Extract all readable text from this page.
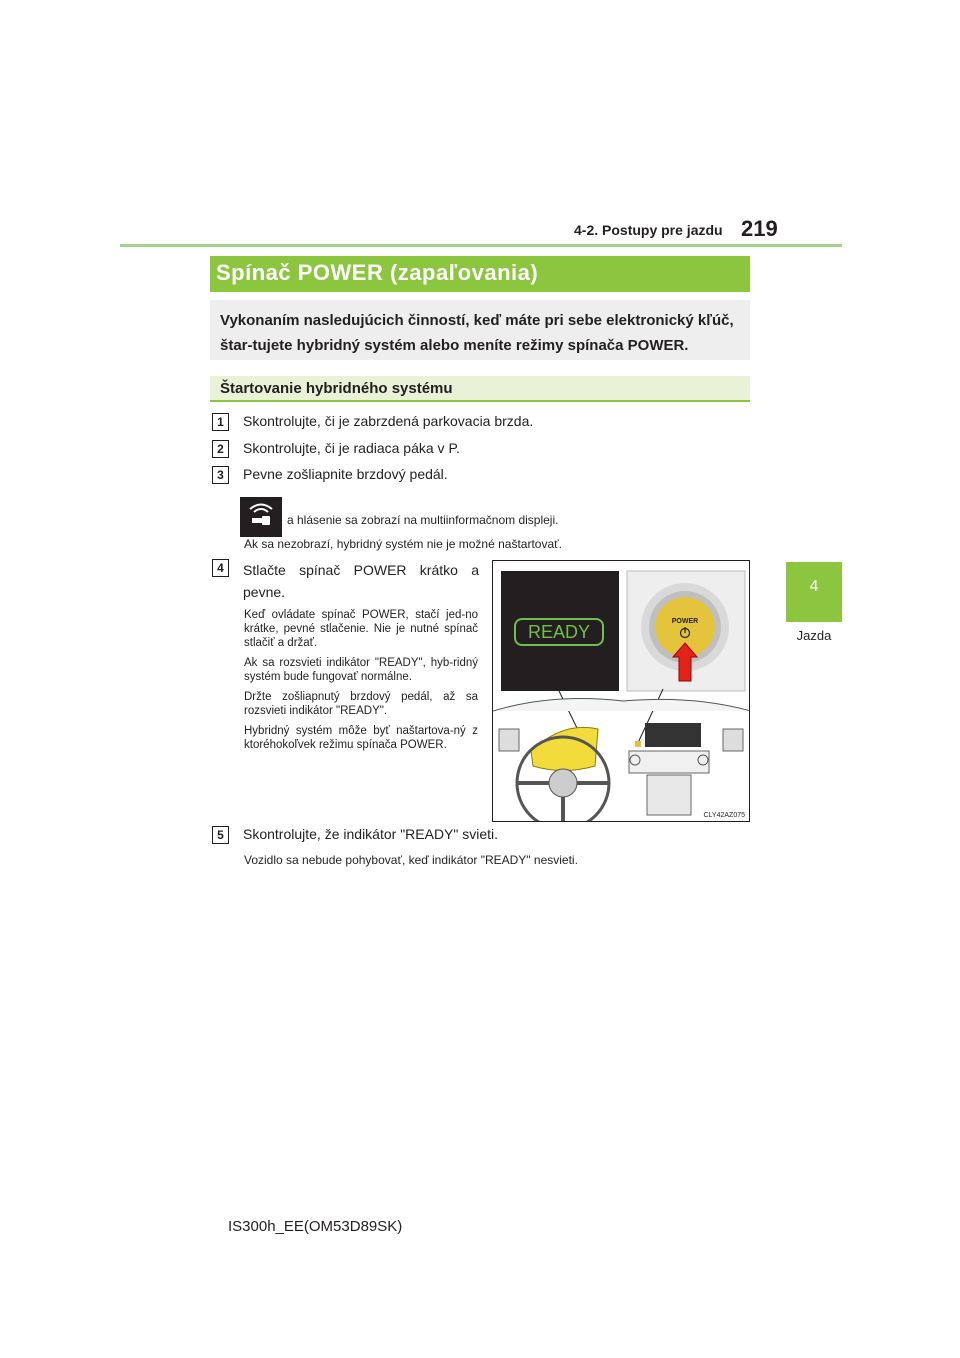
4-2. Postupy pre jazdu 219
4
Jazda
Spínač POWER (zapaľovania)
Vykonaním nasledujúcich činností, keď máte pri sebe elektronický kľúč, štar-tujete hybridný systém alebo meníte režimy spínača POWER.
Štartovanie hybridného systému
1	Skontrolujte, či je zabrzdená parkovacia brzda.
2	Skontrolujte, či je radiaca páka v P.
3	Pevne zošliapnite brzdový pedál.
a hlásenie sa zobrazí na multiinformačnom displeji.
Ak sa nezobrazí, hybridný systém nie je možné naštartovať.
4	Stlačte spínač POWER krátko a pevne.

Keď ovládate spínač POWER, stačí jed-no krátke, pevné stlačenie. Nie je nutné spínač stlačiť a držať.

Ak sa rozsvieti indikátor "READY", hyb-ridný systém bude fungovať normálne.

Držte zošliapnutý brzdový pedál, až sa rozsvieti indikátor "READY".

Hybridný systém môže byť naštartova-ný z ktoréhokoľvek režimu spínača POWER.

READY
POWER
CLY42AZ075
5	Skontrolujte, že indikátor "READY" svieti.
Vozidlo sa nebude pohybovať, keď indikátor "READY" nesvieti.
IS300h_EE(OM53D89SK)
